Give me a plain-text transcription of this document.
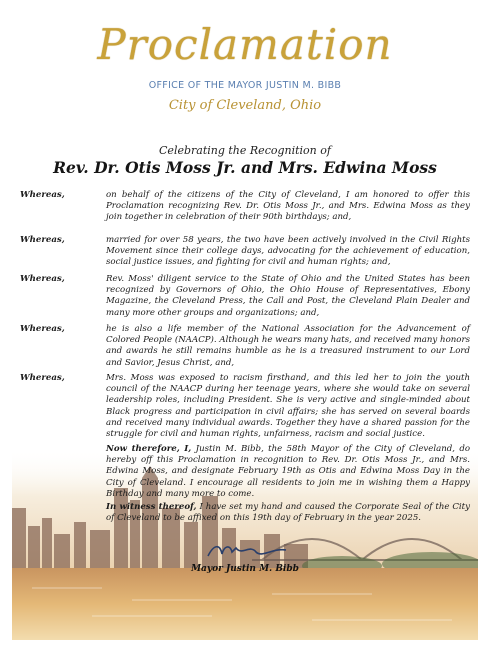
Proclamation
OFFICE OF THE MAYOR JUSTIN M. BIBB
City of Cleveland, Ohio
Celebrating the Recognition of
Rev. Dr. Otis Moss Jr. and Mrs. Edwina Moss
Whereas,	on behalf of the citizens of the City of Cleveland, I am honored to offer this Proclamation recognizing Rev. Dr. Otis Moss Jr., and Mrs. Edwina Moss as they join together in celebration of their 90th birthdays; and,
Whereas,	married for over 58 years, the two have been actively involved in the Civil Rights Movement since their college days, advocating for the achievement of education, social justice issues, and fighting for civil and human rights; and,
Whereas,	Rev. Moss' diligent service to the State of Ohio and the United States has been recognized by Governors of Ohio, the Ohio House of Representatives, Ebony Magazine, the Cleveland Press, the Call and Post, the Cleveland Plain Dealer and many more other groups and organizations; and,
Whereas,	he is also a life member of the National Association for the Advancement of Colored People (NAACP). Although he wears many hats, and received many honors and awards he still remains humble as he is a treasured instrument to our Lord and Savior, Jesus Christ, and,
Whereas,	Mrs. Moss was exposed to racism firsthand, and this led her to join the youth council of the NAACP during her teenage years, where she would take on several leadership roles, including President. She is very active and single-minded about Black progress and participation in civil affairs; she has served on several boards and received many individual awards. Together they have a shared passion for the struggle for civil and human rights, unfairness, racism and social justice.
Now therefore, I, Justin M. Bibb, the 58th Mayor of the City of Cleveland, do hereby off this Proclamation in recognition to Rev. Dr. Otis Moss Jr., and Mrs. Edwina Moss, and designate February 19th as Otis and Edwina Moss Day in the City of Cleveland. I encourage all residents to join me in wishing them a Happy Birthday and many more to come.
In witness thereof, I have set my hand and caused the Corporate Seal of the City of Cleveland to be affixed on this 19th day of February in the year 2025.
Mayor Justin M. Bibb
